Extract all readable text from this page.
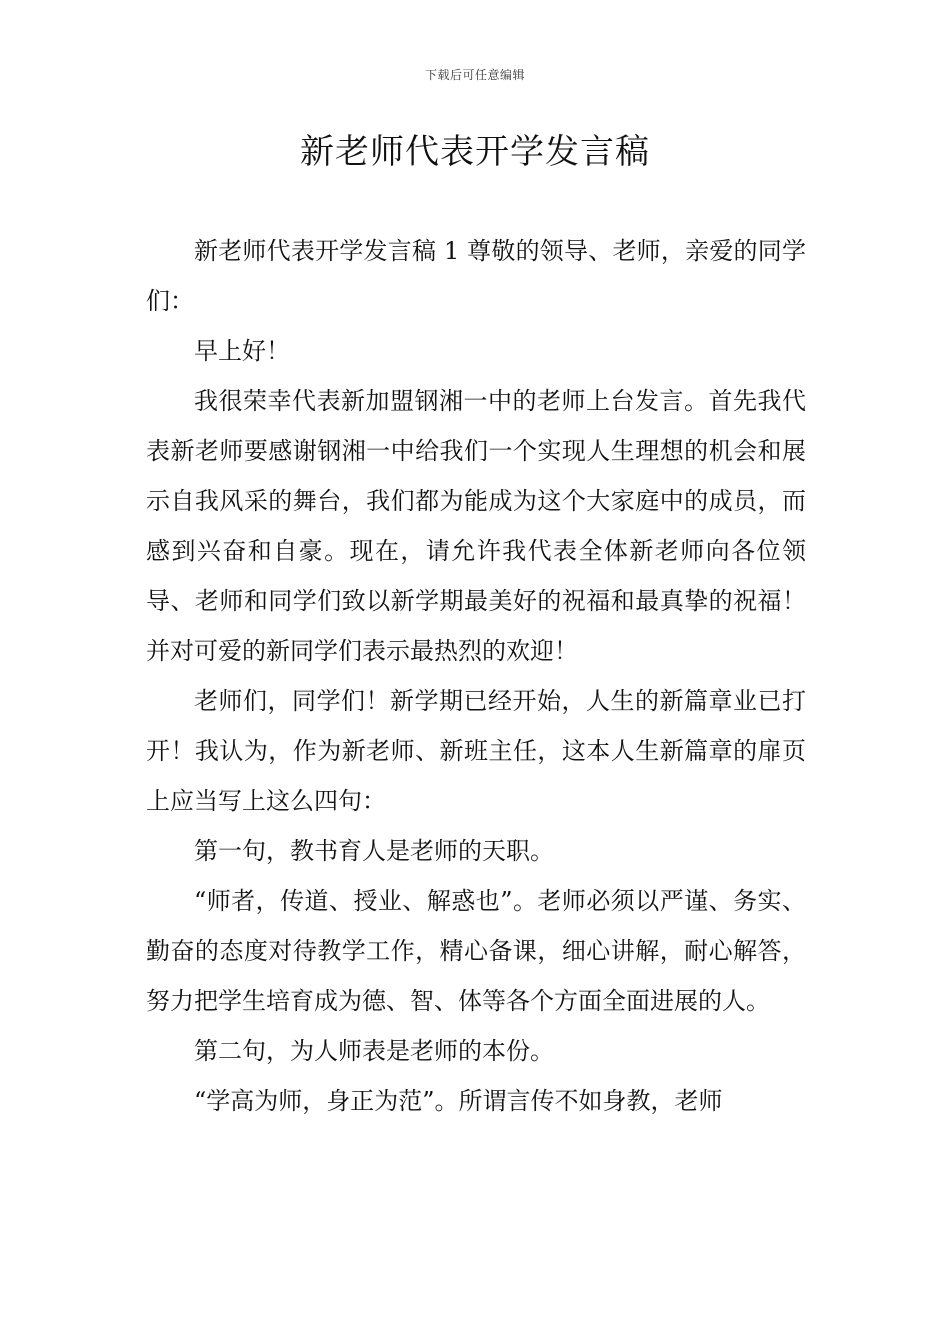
下载后可任意编辑
新老师代表开学发言稿

新老师代表开学发言稿 1 尊敬的领导、老师，亲爱的同学们：

早上好！

我很荣幸代表新加盟钢湘一中的老师上台发言。首先我代表新老师要感谢钢湘一中给我们一个实现人生理想的机会和展示自我风采的舞台，我们都为能成为这个大家庭中的成员，而感到兴奋和自豪。现在，请允许我代表全体新老师向各位领导、老师和同学们致以新学期最美好的祝福和最真挚的祝福！并对可爱的新同学们表示最热烈的欢迎！

老师们，同学们！新学期已经开始，人生的新篇章业已打开！我认为，作为新老师、新班主任，这本人生新篇章的扉页上应当写上这么四句：

第一句，教书育人是老师的天职。

“师者，传道、授业、解惑也”。老师必须以严谨、务实、勤奋的态度对待教学工作，精心备课，细心讲解，耐心解答，努力把学生培育成为德、智、体等各个方面全面进展的人。

第二句，为人师表是老师的本份。

“学高为师，身正为范”。所谓言传不如身教，老师
